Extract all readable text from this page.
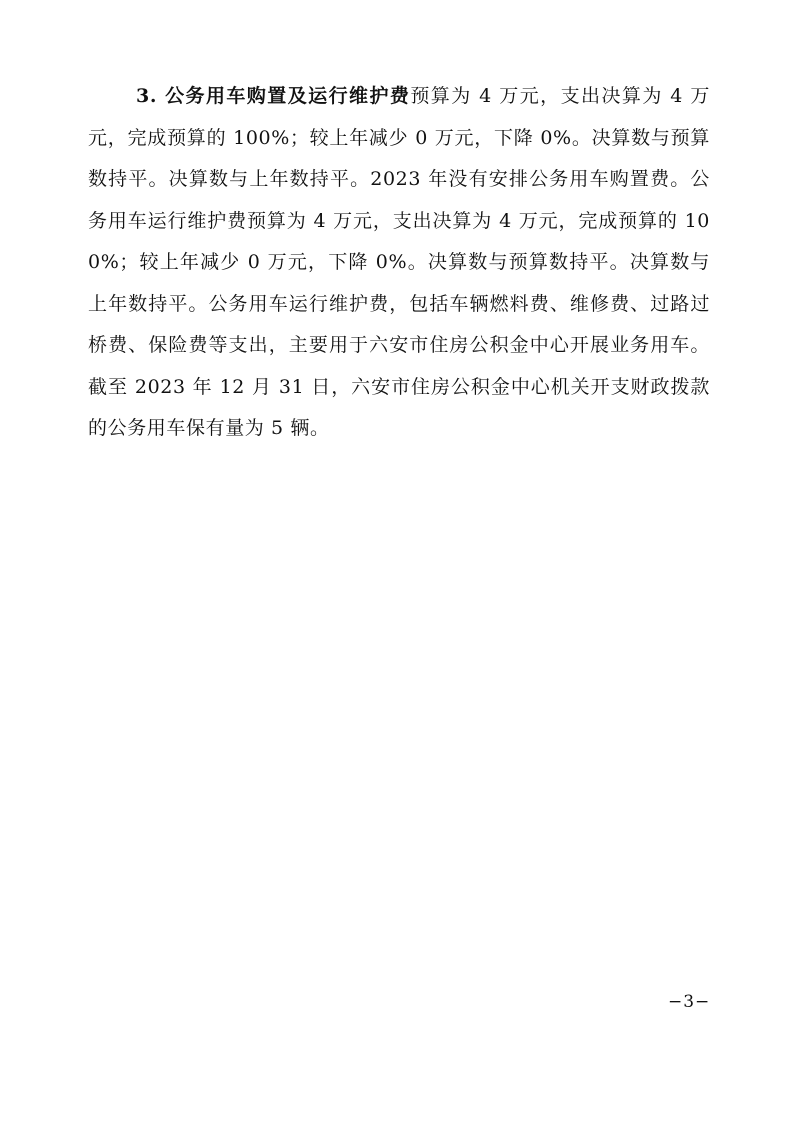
3. 公务用车购置及运行维护费预算为 4 万元，支出决算为 4 万元，完成预算的 100%；较上年减少 0 万元，下降 0%。决算数与预算数持平。决算数与上年数持平。2023 年没有安排公务用车购置费。公务用车运行维护费预算为 4 万元，支出决算为 4 万元，完成预算的 100%；较上年减少 0 万元，下降 0%。决算数与预算数持平。决算数与上年数持平。公务用车运行维护费，包括车辆燃料费、维修费、过路过桥费、保险费等支出，主要用于六安市住房公积金中心开展业务用车。截至 2023 年 12 月 31 日，六安市住房公积金中心机关开支财政拨款的公务用车保有量为 5 辆。

−3−
